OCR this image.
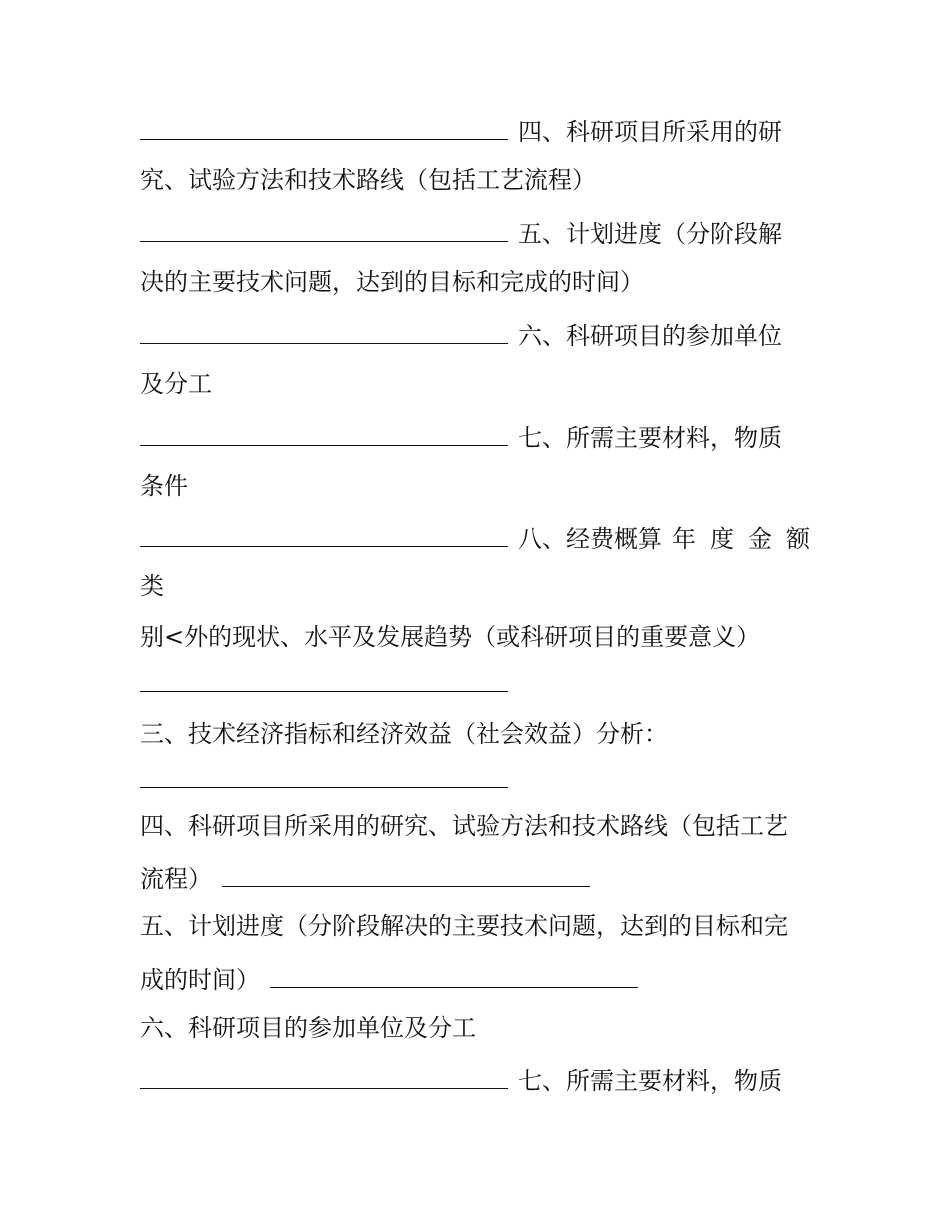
四、科研项目所采用的研
究、试验方法和技术路线（包括工艺流程）
五、计划进度（分阶段解
决的主要技术问题，达到的目标和完成的时间）
六、科研项目的参加单位
及分工
七、所需主要材料，物质
条件
八、经费概算 年度金额
类
别<外的现状、水平及发展趋势（或科研项目的重要意义）
三、技术经济指标和经济效益（社会效益）分析：
四、科研项目所采用的研究、试验方法和技术路线（包括工艺
流程）
五、计划进度（分阶段解决的主要技术问题，达到的目标和完
成的时间）
六、科研项目的参加单位及分工
七、所需主要材料，物质
